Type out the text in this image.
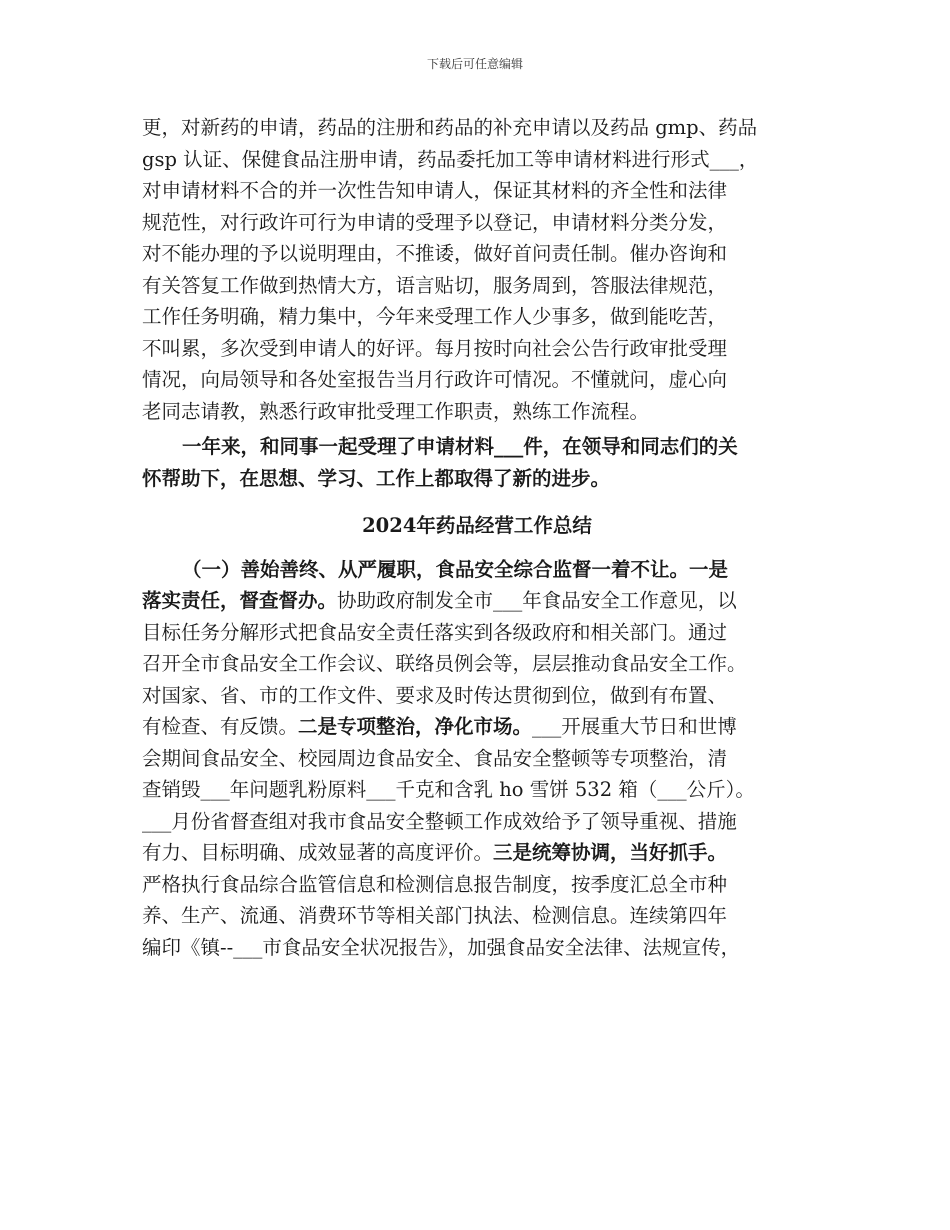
下载后可任意编辑
更，对新药的申请，药品的注册和药品的补充申请以及药品 gmp、药品
gsp 认证、保健食品注册申请，药品委托加工等申请材料进行形式___，
对申请材料不合的并一次性告知申请人，保证其材料的齐全性和法律
规范性，对行政许可行为申请的受理予以登记，申请材料分类分发，
对不能办理的予以说明理由，不推诿，做好首问责任制。催办咨询和
有关答复工作做到热情大方，语言贴切，服务周到，答服法律规范，
工作任务明确，精力集中，今年来受理工作人少事多，做到能吃苦，
不叫累，多次受到申请人的好评。每月按时向社会公告行政审批受理
情况，向局领导和各处室报告当月行政许可情况。不懂就问，虚心向
老同志请教，熟悉行政审批受理工作职责，熟练工作流程。
一年来，和同事一起受理了申请材料___件，在领导和同志们的关
怀帮助下，在思想、学习、工作上都取得了新的进步。
2024年药品经营工作总结
（一）善始善终、从严履职，食品安全综合监督一着不让。一是
落实责任，督查督办。协助政府制发全市___年食品安全工作意见，以
目标任务分解形式把食品安全责任落实到各级政府和相关部门。通过
召开全市食品安全工作会议、联络员例会等，层层推动食品安全工作。
对国家、省、市的工作文件、要求及时传达贯彻到位，做到有布置、
有检查、有反馈。二是专项整治，净化市场。___开展重大节日和世博
会期间食品安全、校园周边食品安全、食品安全整顿等专项整治，清
查销毁___年问题乳粉原料___千克和含乳 ho 雪饼 532 箱（___公斤）。
___月份省督查组对我市食品安全整顿工作成效给予了领导重视、措施
有力、目标明确、成效显著的高度评价。三是统筹协调，当好抓手。
严格执行食品综合监管信息和检测信息报告制度，按季度汇总全市种
养、生产、流通、消费环节等相关部门执法、检测信息。连续第四年
编印《镇--___市食品安全状况报告》，加强食品安全法律、法规宣传，
